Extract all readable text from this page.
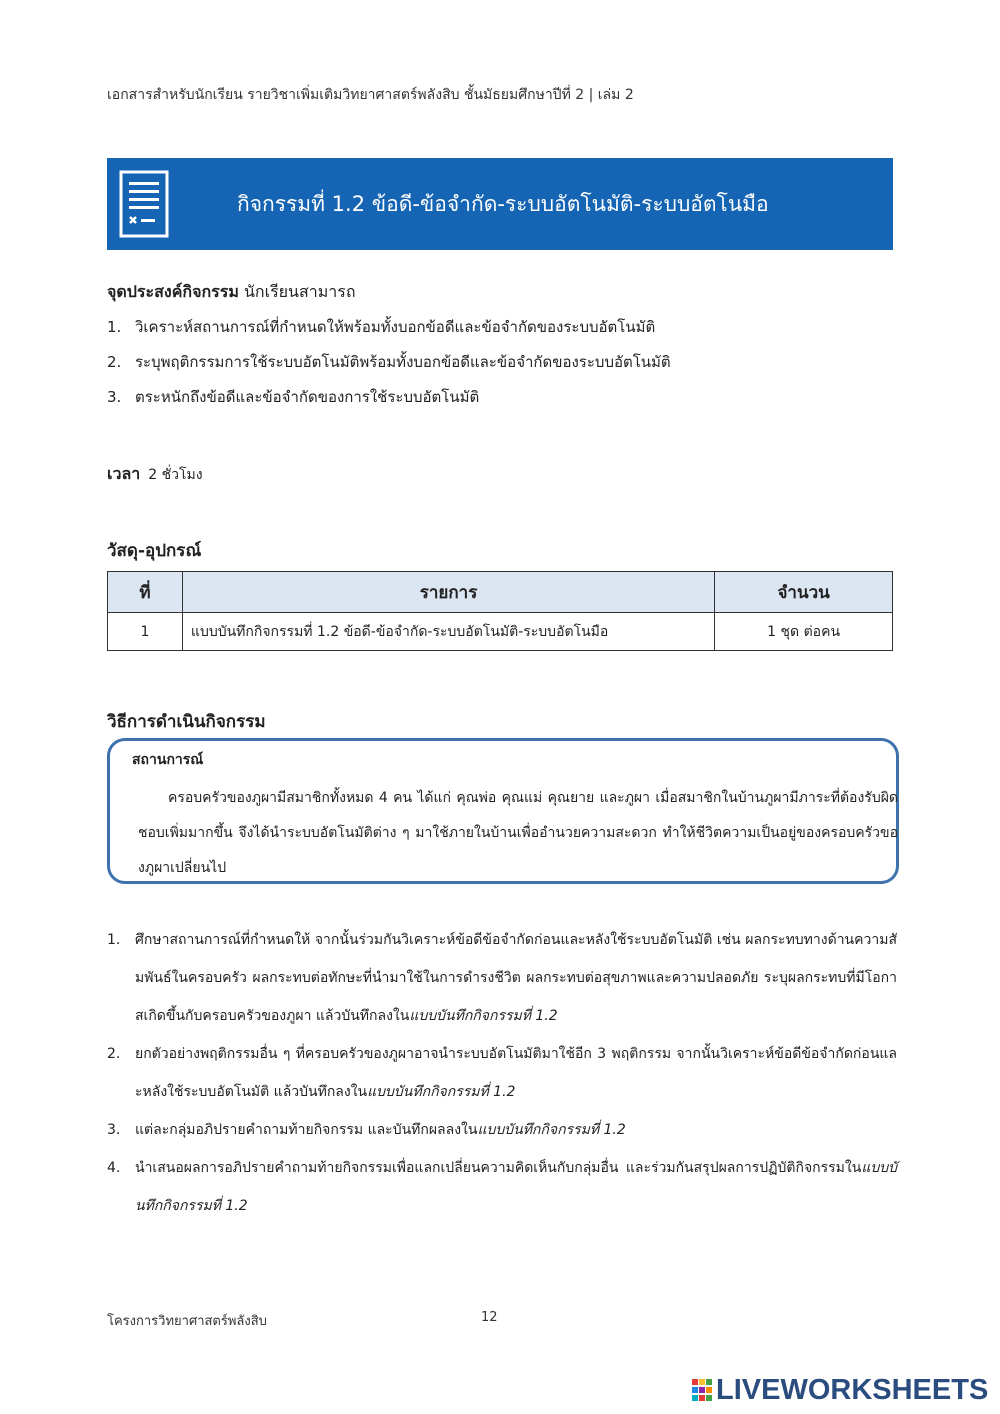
เอกสารสำหรับนักเรียน รายวิชาเพิ่มเติมวิทยาศาสตร์พลังสิบ ชั้นมัธยมศึกษาปีที่ 2 | เล่ม 2
กิจกรรมที่ 1.2 ข้อดี-ข้อจำกัด-ระบบอัตโนมัติ-ระบบอัตโนมือ
จุดประสงค์กิจกรรม นักเรียนสามารถ
1. วิเคราะห์สถานการณ์ที่กำหนดให้พร้อมทั้งบอกข้อดีและข้อจำกัดของระบบอัตโนมัติ
2. ระบุพฤติกรรมการใช้ระบบอัตโนมัติพร้อมทั้งบอกข้อดีและข้อจำกัดของระบบอัตโนมัติ
3. ตระหนักถึงข้อดีและข้อจำกัดของการใช้ระบบอัตโนมัติ
เวลา 2 ชั่วโมง
วัสดุ-อุปกรณ์
ที่	รายการ	จำนวน
1	แบบบันทึกกิจกรรมที่ 1.2 ข้อดี-ข้อจำกัด-ระบบอัตโนมัติ-ระบบอัตโนมือ	1 ชุด ต่อคน
วิธีการดำเนินกิจกรรม
สถานการณ์
ครอบครัวของภูผามีสมาชิกทั้งหมด 4 คน ได้แก่ คุณพ่อ คุณแม่ คุณยาย และภูผา เมื่อสมาชิกในบ้านภูผามีภาระที่ต้องรับผิดชอบเพิ่มมากขึ้น จึงได้นำระบบอัตโนมัติต่าง ๆ มาใช้ภายในบ้านเพื่ออำนวยความสะดวก ทำให้ชีวิตความเป็นอยู่ของครอบครัวของภูผาเปลี่ยนไป
1.	ศึกษาสถานการณ์ที่กำหนดให้ จากนั้นร่วมกันวิเคราะห์ข้อดีข้อจำกัดก่อนและหลังใช้ระบบอัตโนมัติ เช่น ผลกระทบทางด้านความสัมพันธ์ในครอบครัว ผลกระทบต่อทักษะที่นำมาใช้ในการดำรงชีวิต ผลกระทบต่อสุขภาพและความปลอดภัย ระบุผลกระทบที่มีโอกาสเกิดขึ้นกับครอบครัวของภูผา แล้วบันทึกลงในแบบบันทึกกิจกรรมที่ 1.2
2.	ยกตัวอย่างพฤติกรรมอื่น ๆ ที่ครอบครัวของภูผาอาจนำระบบอัตโนมัติมาใช้อีก 3 พฤติกรรม จากนั้นวิเคราะห์ข้อดีข้อจำกัดก่อนและหลังใช้ระบบอัตโนมัติ แล้วบันทึกลงในแบบบันทึกกิจกรรมที่ 1.2
3.	แต่ละกลุ่มอภิปรายคำถามท้ายกิจกรรม และบันทึกผลลงในแบบบันทึกกิจกรรมที่ 1.2
4.	นำเสนอผลการอภิปรายคำถามท้ายกิจกรรมเพื่อแลกเปลี่ยนความคิดเห็นกับกลุ่มอื่น และร่วมกันสรุปผลการปฏิบัติกิจกรรมในแบบบันทึกกิจกรรมที่ 1.2
โครงการวิทยาศาสตร์พลังสิบ	12
LIVEWORKSHEETS
